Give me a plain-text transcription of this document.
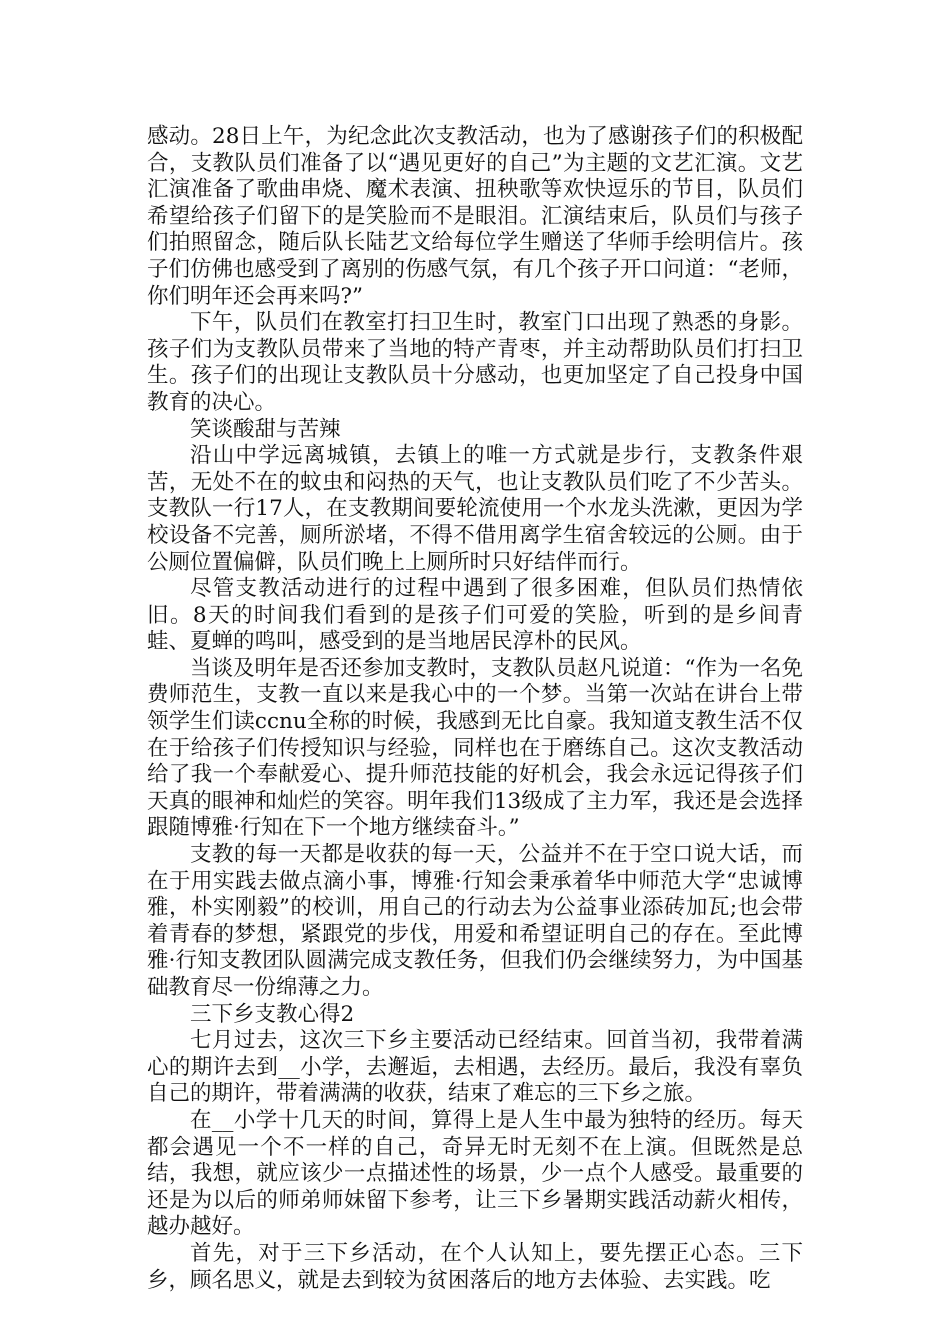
感动。28日上午，为纪念此次支教活动，也为了感谢孩子们的积极配合，支教队员们准备了以“遇见更好的自己”为主题的文艺汇演。文艺汇演准备了歌曲串烧、魔术表演、扭秧歌等欢快逗乐的节目，队员们希望给孩子们留下的是笑脸而不是眼泪。汇演结束后，队员们与孩子们拍照留念，随后队长陆艺文给每位学生赠送了华师手绘明信片。孩子们仿佛也感受到了离别的伤感气氛，有几个孩子开口问道：“老师，你们明年还会再来吗?”

下午，队员们在教室打扫卫生时，教室门口出现了熟悉的身影。孩子们为支教队员带来了当地的特产青枣，并主动帮助队员们打扫卫生。孩子们的出现让支教队员十分感动，也更加坚定了自己投身中国教育的决心。

笑谈酸甜与苦辣

沿山中学远离城镇，去镇上的唯一方式就是步行，支教条件艰苦，无处不在的蚊虫和闷热的天气，也让支教队员们吃了不少苦头。支教队一行17人，在支教期间要轮流使用一个水龙头洗漱，更因为学校设备不完善，厕所淤堵，不得不借用离学生宿舍较远的公厕。由于公厕位置偏僻，队员们晚上上厕所时只好结伴而行。

尽管支教活动进行的过程中遇到了很多困难，但队员们热情依旧。8天的时间我们看到的是孩子们可爱的笑脸，听到的是乡间青蛙、夏蝉的鸣叫，感受到的是当地居民淳朴的民风。

当谈及明年是否还参加支教时，支教队员赵凡说道：“作为一名免费师范生，支教一直以来是我心中的一个梦。当第一次站在讲台上带领学生们读ccnu全称的时候，我感到无比自豪。我知道支教生活不仅在于给孩子们传授知识与经验，同样也在于磨练自己。这次支教活动给了我一个奉献爱心、提升师范技能的好机会，我会永远记得孩子们天真的眼神和灿烂的笑容。明年我们13级成了主力军，我还是会选择跟随博雅·行知在下一个地方继续奋斗。”

支教的每一天都是收获的每一天，公益并不在于空口说大话，而在于用实践去做点滴小事，博雅·行知会秉承着华中师范大学“忠诚博雅，朴实刚毅”的校训，用自己的行动去为公益事业添砖加瓦;也会带着青春的梦想，紧跟党的步伐，用爱和希望证明自己的存在。至此博雅·行知支教团队圆满完成支教任务，但我们仍会继续努力，为中国基础教育尽一份绵薄之力。

三下乡支教心得2

七月过去，这次三下乡主要活动已经结束。回首当初，我带着满心的期许去到__小学，去邂逅，去相遇，去经历。最后，我没有辜负自己的期许，带着满满的收获，结束了难忘的三下乡之旅。

在__小学十几天的时间，算得上是人生中最为独特的经历。每天都会遇见一个不一样的自己，奇异无时无刻不在上演。但既然是总结，我想，就应该少一点描述性的场景，少一点个人感受。最重要的还是为以后的师弟师妹留下参考，让三下乡暑期实践活动薪火相传，越办越好。

首先，对于三下乡活动，在个人认知上，要先摆正心态。三下乡，顾名思义，就是去到较为贫困落后的地方去体验、去实践。吃
